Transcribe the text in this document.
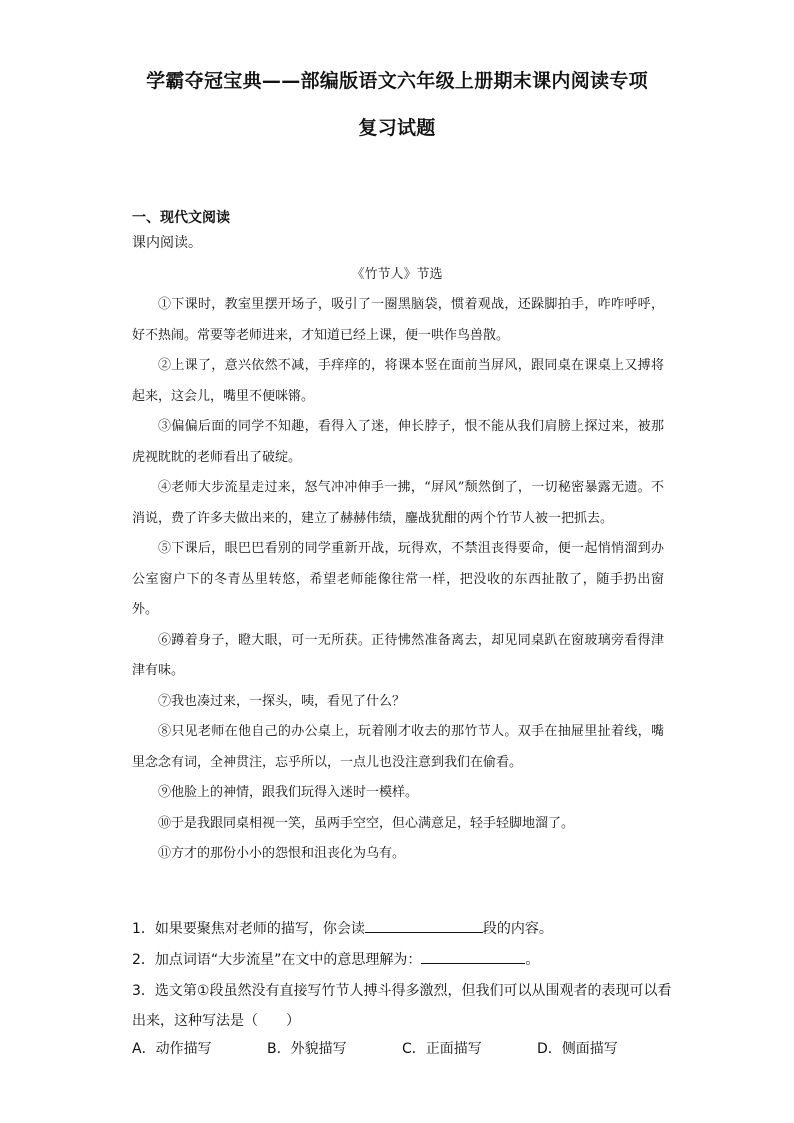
学霸夺冠宝典——部编版语文六年级上册期末课内阅读专项
复习试题
一、现代文阅读
课内阅读。
《竹节人》节选

①下课时，教室里摆开场子，吸引了一圈黑脑袋，惯着观战，还跺脚拍手，咋咋呼呼，好不热闹。常要等老师进来，才知道已经上课，便一哄作鸟兽散。

②上课了，意兴依然不减，手痒痒的，将课本竖在面前当屏风，跟同桌在课桌上又搏将起来，这会儿，嘴里不便咪锵。

③偏偏后面的同学不知趣，看得入了迷，伸长脖子，恨不能从我们肩膀上探过来，被那虎视眈眈的老师看出了破绽。

④老师大步流星走过来，怒气冲冲伸手一拂，“屏风”颓然倒了，一切秘密暴露无遗。不消说，费了许多夫做出来的，建立了赫赫伟绩，鏖战犹酣的两个竹节人被一把抓去。

⑤下课后，眼巴巴看别的同学重新开战，玩得欢，不禁沮丧得要命，便一起悄悄溜到办公室窗户下的冬青丛里转悠，希望老师能像往常一样，把没收的东西扯散了，随手扔出窗外。

⑥蹲着身子，瞪大眼，可一无所获。正待怫然准备离去，却见同桌趴在窗玻璃旁看得津津有味。

⑦我也凑过来，一探头，咦，看见了什么？

⑧只见老师在他自己的办公桌上，玩着刚才收去的那竹节人。双手在抽屉里扯着线，嘴里念念有词，全神贯注，忘乎所以，一点儿也没注意到我们在偷看。

⑨他脸上的神情，跟我们玩得入迷时一模样。

⑩于是我跟同桌相视一笑，虽两手空空，但心满意足，轻手轻脚地溜了。

⑪方才的那份小小的怨恨和沮丧化为乌有。

1．如果要聚焦对老师的描写，你会读	段的内容。
2．加点词语“大步流星”在文中的意思理解为：	。
3．选文第①段虽然没有直接写竹节人搏斗得多激烈，但我们可以从围观者的表现可以看出来，这种写法是（　　）
A．动作描写	B．外貌描写	C．正面描写	D．侧面描写
